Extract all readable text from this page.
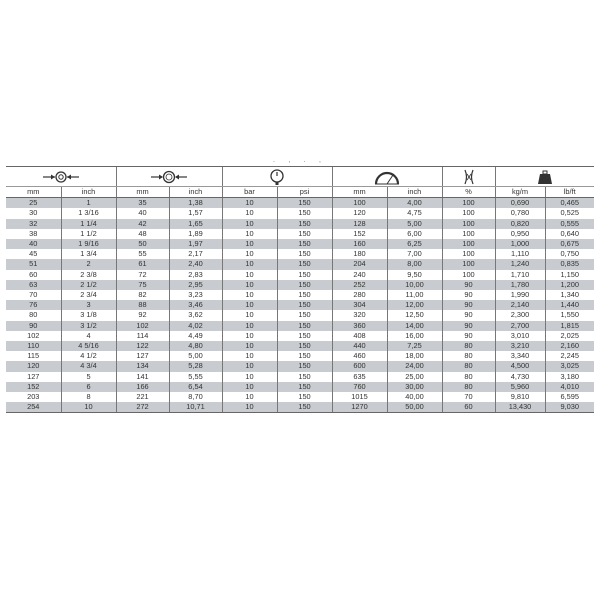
. , . ,

mm	inch	mm	inch	bar	psi	mm	inch	%	kg/m	lb/ft
25	1	35	1,38	10	150	100	4,00	100	0,690	0,465
30	1 3/16	40	1,57	10	150	120	4,75	100	0,780	0,525
32	1 1/4	42	1,65	10	150	128	5,00	100	0,820	0,555
38	1 1/2	48	1,89	10	150	152	6,00	100	0,950	0,640
40	1 9/16	50	1,97	10	150	160	6,25	100	1,000	0,675
45	1 3/4	55	2,17	10	150	180	7,00	100	1,110	0,750
51	2	61	2,40	10	150	204	8,00	100	1,240	0,835
60	2 3/8	72	2,83	10	150	240	9,50	100	1,710	1,150
63	2 1/2	75	2,95	10	150	252	10,00	90	1,780	1,200
70	2 3/4	82	3,23	10	150	280	11,00	90	1,990	1,340
76	3	88	3,46	10	150	304	12,00	90	2,140	1,440
80	3 1/8	92	3,62	10	150	320	12,50	90	2,300	1,550
90	3 1/2	102	4,02	10	150	360	14,00	90	2,700	1,815
102	4	114	4,49	10	150	408	16,00	90	3,010	2,025
110	4 5/16	122	4,80	10	150	440	7,25	80	3,210	2,160
115	4 1/2	127	5,00	10	150	460	18,00	80	3,340	2,245
120	4 3/4	134	5,28	10	150	600	24,00	80	4,500	3,025
127	5	141	5,55	10	150	635	25,00	80	4,730	3,180
152	6	166	6,54	10	150	760	30,00	80	5,960	4,010
203	8	221	8,70	10	150	1015	40,00	70	9,810	6,595
254	10	272	10,71	10	150	1270	50,00	60	13,430	9,030
